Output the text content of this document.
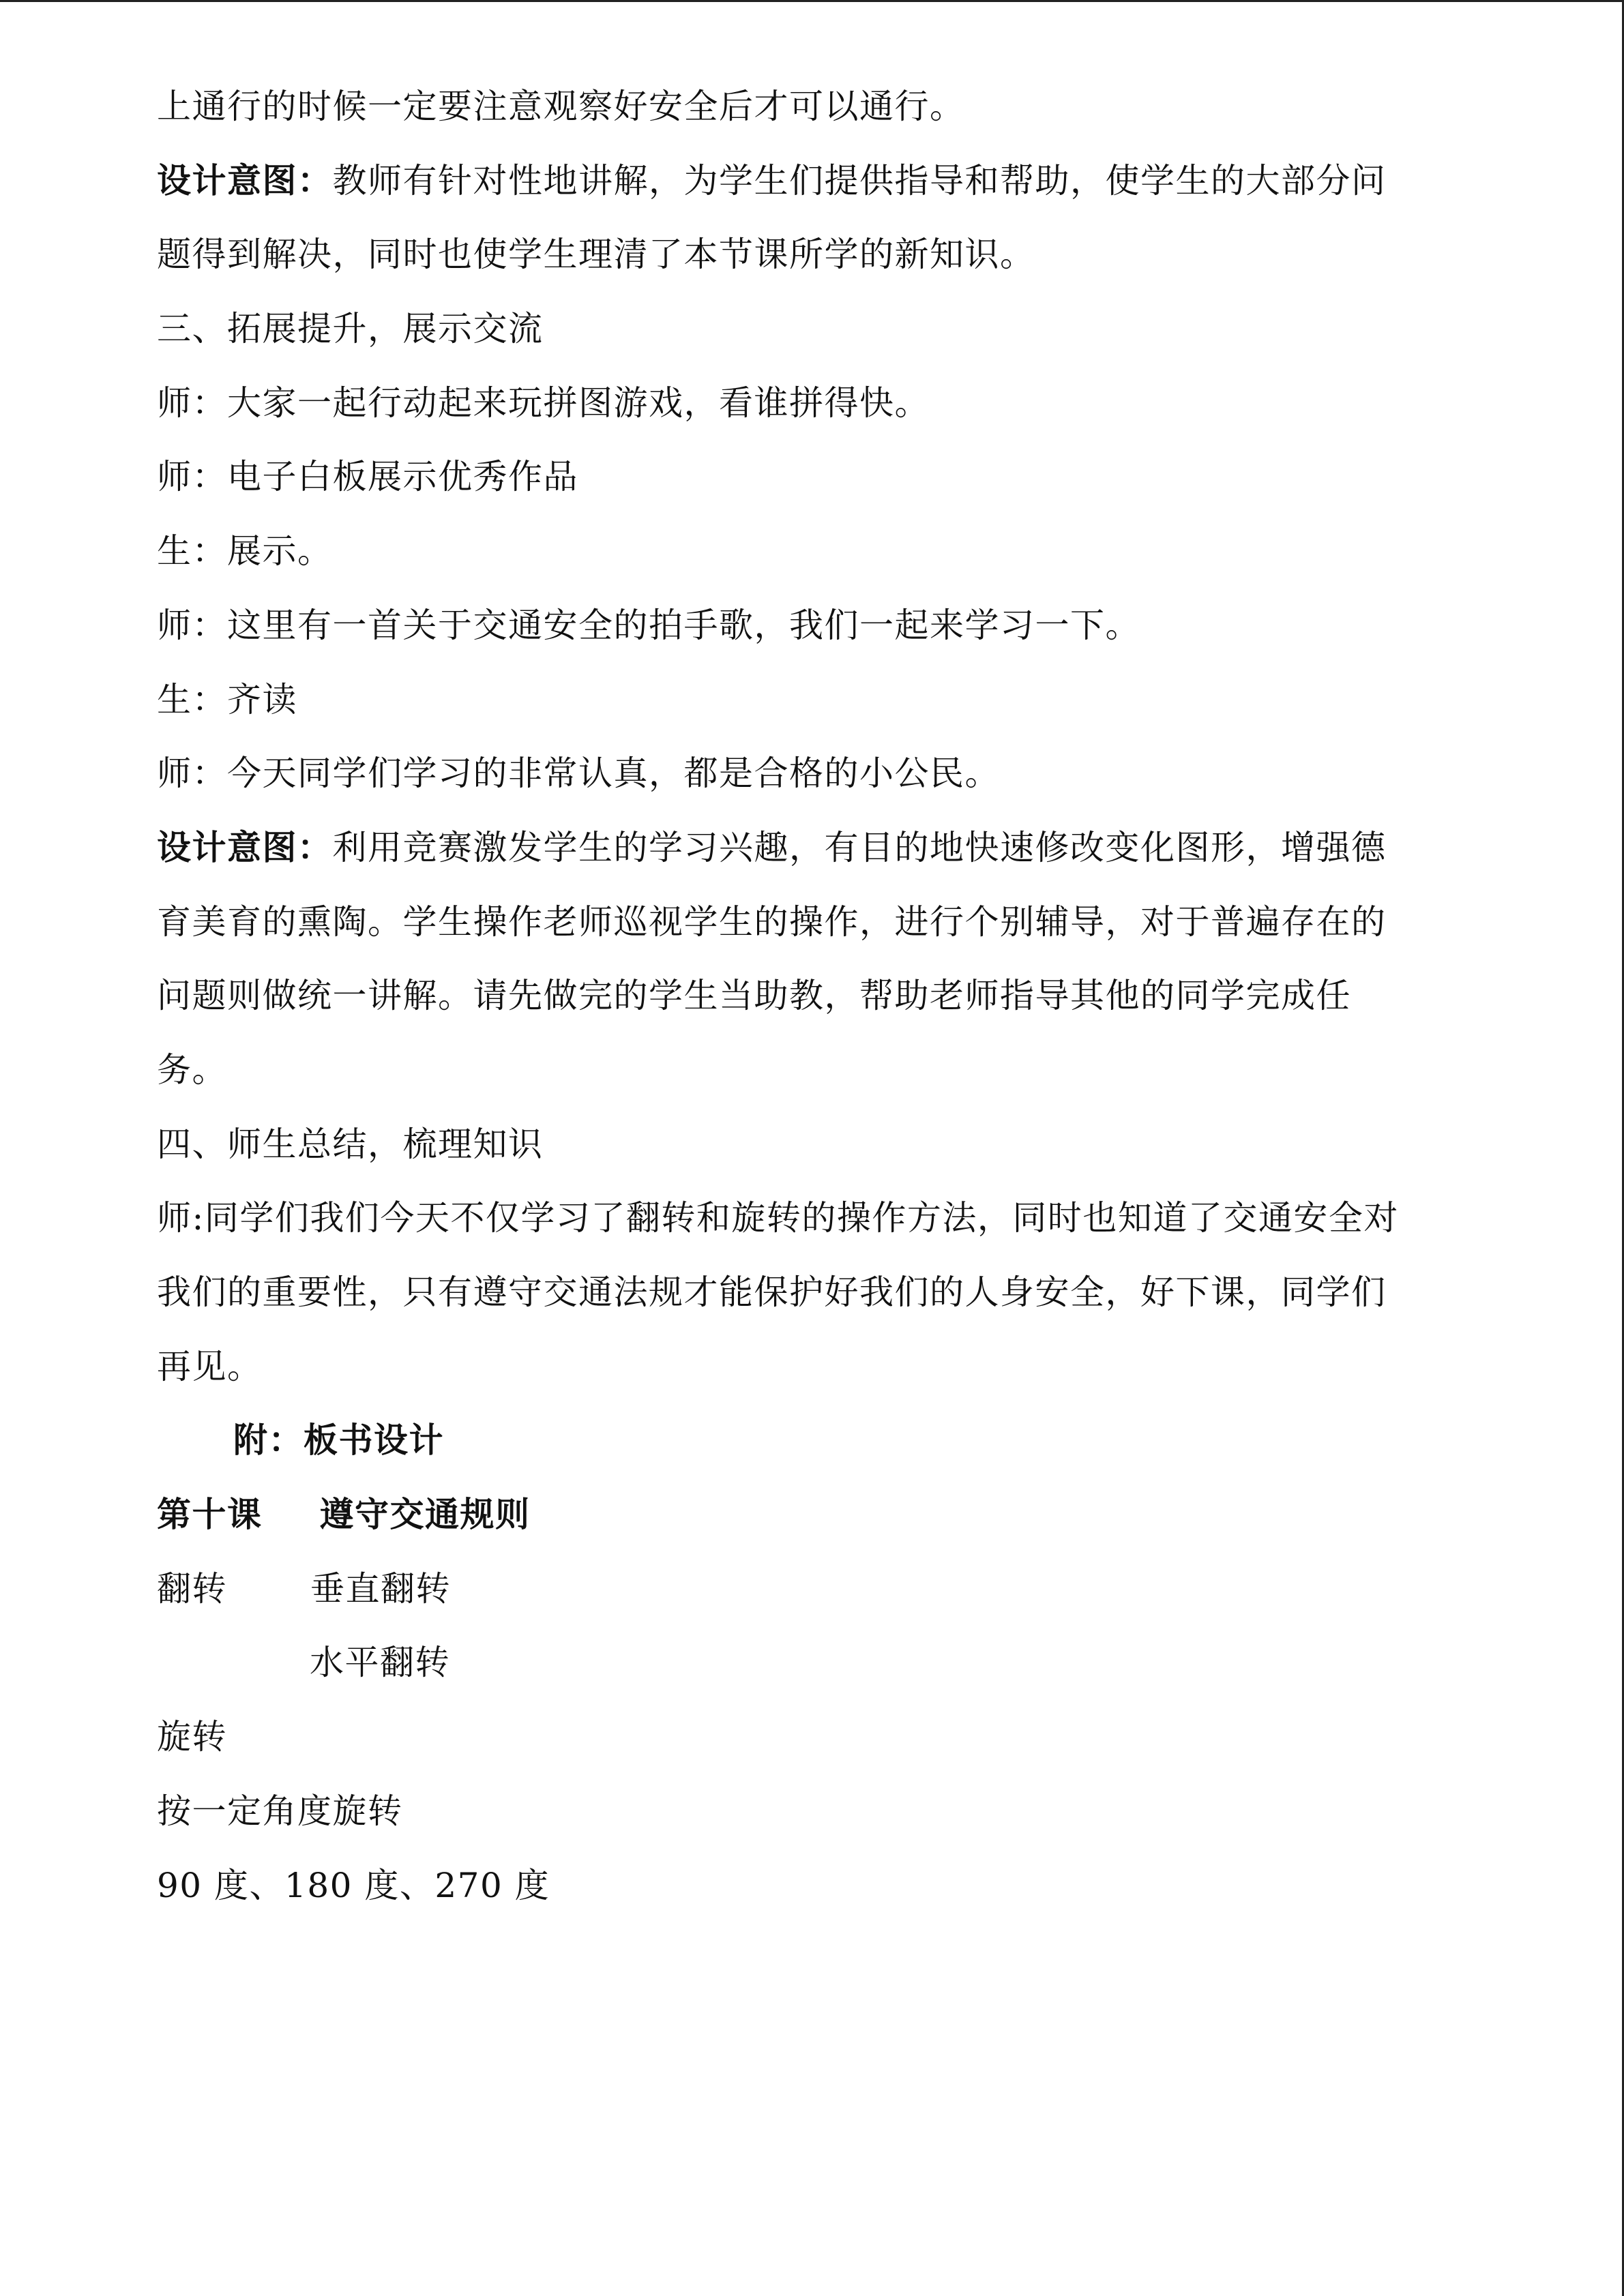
上通行的时候一定要注意观察好安全后才可以通行。
设计意图：教师有针对性地讲解，为学生们提供指导和帮助，使学生的大部分问
题得到解决，同时也使学生理清了本节课所学的新知识。
三、拓展提升，展示交流
师：大家一起行动起来玩拼图游戏，看谁拼得快。
师：电子白板展示优秀作品
生：展示。
师：这里有一首关于交通安全的拍手歌，我们一起来学习一下。
生：齐读
师：今天同学们学习的非常认真，都是合格的小公民。
设计意图：利用竞赛激发学生的学习兴趣，有目的地快速修改变化图形，增强德
育美育的熏陶。学生操作老师巡视学生的操作，进行个别辅导，对于普遍存在的
问题则做统一讲解。请先做完的学生当助教，帮助老师指导其他的同学完成任
务。
四、师生总结，梳理知识
师:同学们我们今天不仅学习了翻转和旋转的操作方法，同时也知道了交通安全对
我们的重要性，只有遵守交通法规才能保护好我们的人身安全，好下课，同学们
再见。
附：板书设计
第十课 遵守交通规则
翻转 垂直翻转
水平翻转
旋转
按一定角度旋转
90 度、180 度、270 度
